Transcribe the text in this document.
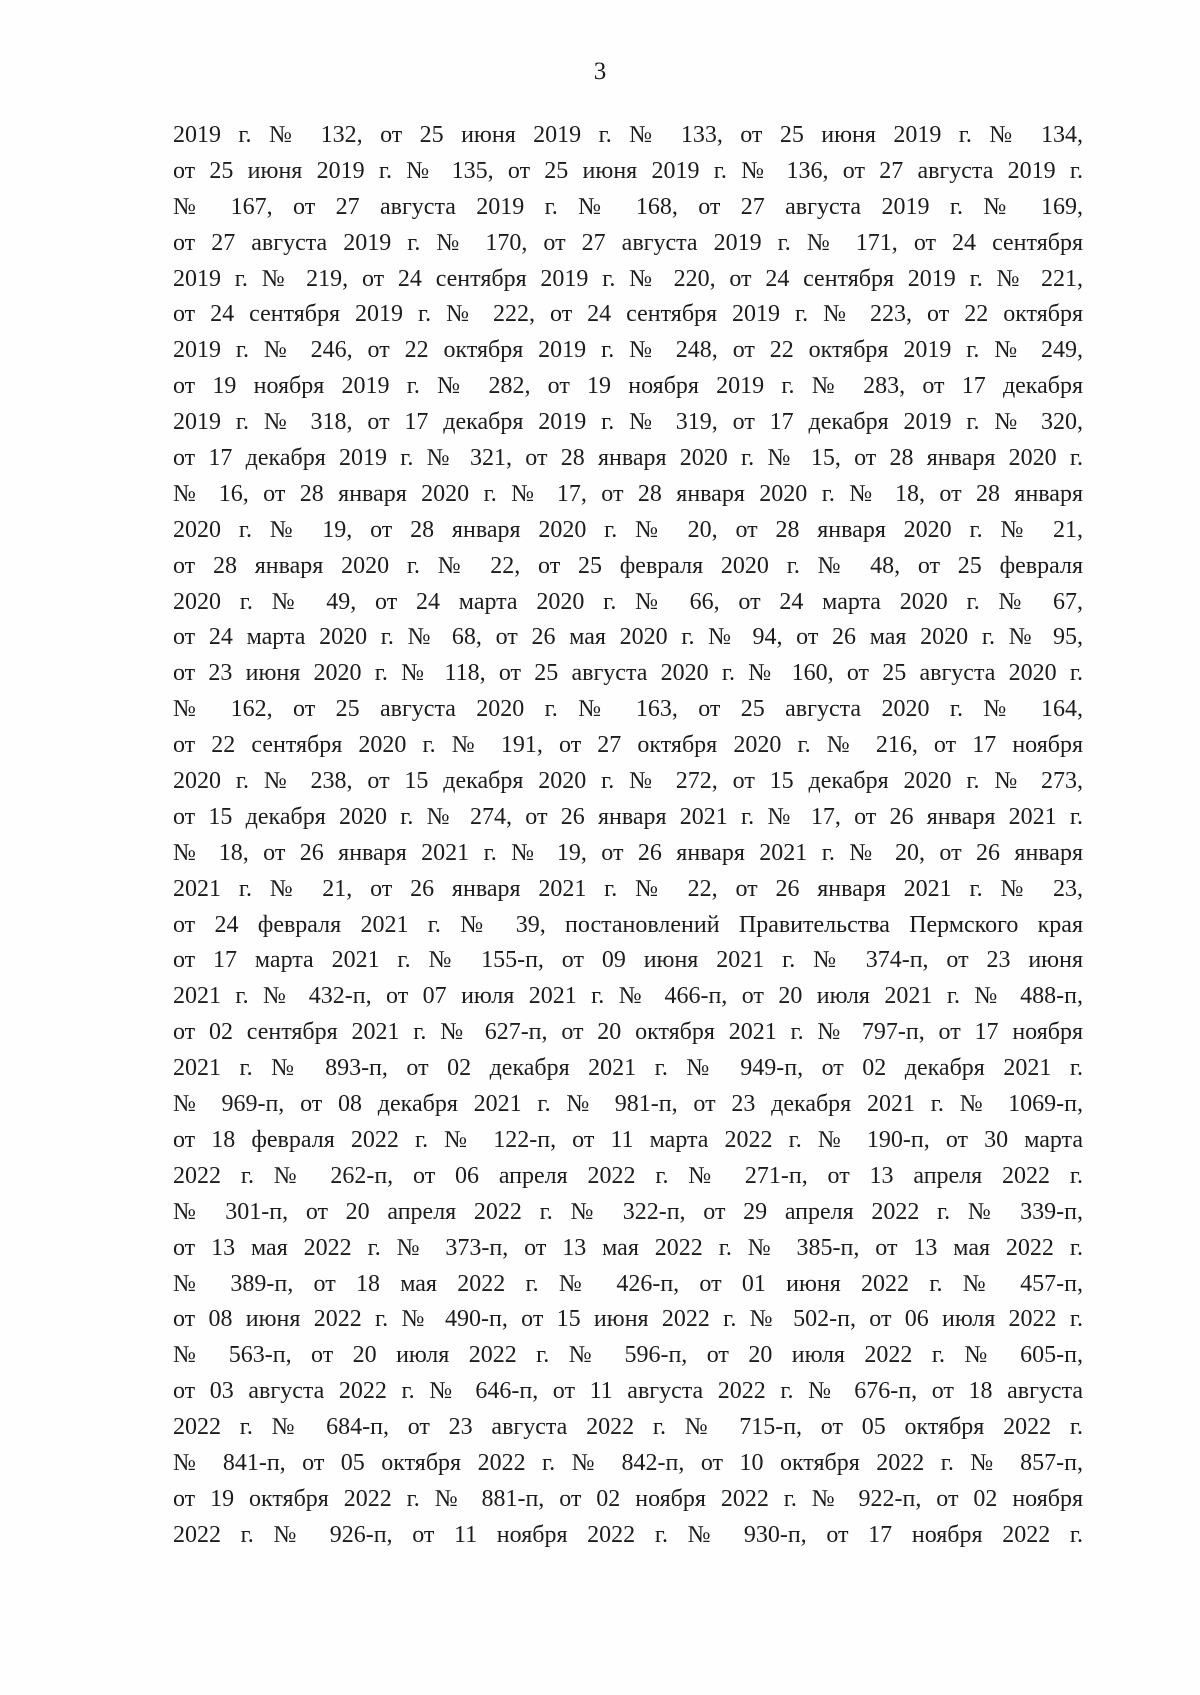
3
2019 г. № 132, от 25 июня 2019 г. № 133, от 25 июня 2019 г. № 134,
от 25 июня 2019 г. № 135, от 25 июня 2019 г. № 136, от 27 августа 2019 г.
№ 167, от 27 августа 2019 г. № 168, от 27 августа 2019 г. № 169,
от 27 августа 2019 г. № 170, от 27 августа 2019 г. № 171, от 24 сентября
2019 г. № 219, от 24 сентября 2019 г. № 220, от 24 сентября 2019 г. № 221,
от 24 сентября 2019 г. № 222, от 24 сентября 2019 г. № 223, от 22 октября
2019 г. № 246, от 22 октября 2019 г. № 248, от 22 октября 2019 г. № 249,
от 19 ноября 2019 г. № 282, от 19 ноября 2019 г. № 283, от 17 декабря
2019 г. № 318, от 17 декабря 2019 г. № 319, от 17 декабря 2019 г. № 320,
от 17 декабря 2019 г. № 321, от 28 января 2020 г. № 15, от 28 января 2020 г.
№ 16, от 28 января 2020 г. № 17, от 28 января 2020 г. № 18, от 28 января
2020 г. № 19, от 28 января 2020 г. № 20, от 28 января 2020 г. № 21,
от 28 января 2020 г. № 22, от 25 февраля 2020 г. № 48, от 25 февраля
2020 г. № 49, от 24 марта 2020 г. № 66, от 24 марта 2020 г. № 67,
от 24 марта 2020 г. № 68, от 26 мая 2020 г. № 94, от 26 мая 2020 г. № 95,
от 23 июня 2020 г. № 118, от 25 августа 2020 г. № 160, от 25 августа 2020 г.
№ 162, от 25 августа 2020 г. № 163, от 25 августа 2020 г. № 164,
от 22 сентября 2020 г. № 191, от 27 октября 2020 г. № 216, от 17 ноября
2020 г. № 238, от 15 декабря 2020 г. № 272, от 15 декабря 2020 г. № 273,
от 15 декабря 2020 г. № 274, от 26 января 2021 г. № 17, от 26 января 2021 г.
№ 18, от 26 января 2021 г. № 19, от 26 января 2021 г. № 20, от 26 января
2021 г. № 21, от 26 января 2021 г. № 22, от 26 января 2021 г. № 23,
от 24 февраля 2021 г. № 39, постановлений Правительства Пермского края
от 17 марта 2021 г. № 155-п, от 09 июня 2021 г. № 374-п, от 23 июня
2021 г. № 432-п, от 07 июля 2021 г. № 466-п, от 20 июля 2021 г. № 488-п,
от 02 сентября 2021 г. № 627-п, от 20 октября 2021 г. № 797-п, от 17 ноября
2021 г. № 893-п, от 02 декабря 2021 г. № 949-п, от 02 декабря 2021 г.
№ 969-п, от 08 декабря 2021 г. № 981-п, от 23 декабря 2021 г. № 1069-п,
от 18 февраля 2022 г. № 122-п, от 11 марта 2022 г. № 190-п, от 30 марта
2022 г. № 262-п, от 06 апреля 2022 г. № 271-п, от 13 апреля 2022 г.
№ 301-п, от 20 апреля 2022 г. № 322-п, от 29 апреля 2022 г. № 339-п,
от 13 мая 2022 г. № 373-п, от 13 мая 2022 г. № 385-п, от 13 мая 2022 г.
№ 389-п, от 18 мая 2022 г. № 426-п, от 01 июня 2022 г. № 457-п,
от 08 июня 2022 г. № 490-п, от 15 июня 2022 г. № 502-п, от 06 июля 2022 г.
№ 563-п, от 20 июля 2022 г. № 596-п, от 20 июля 2022 г. № 605-п,
от 03 августа 2022 г. № 646-п, от 11 августа 2022 г. № 676-п, от 18 августа
2022 г. № 684-п, от 23 августа 2022 г. № 715-п, от 05 октября 2022 г.
№ 841-п, от 05 октября 2022 г. № 842-п, от 10 октября 2022 г. № 857-п,
от 19 октября 2022 г. № 881-п, от 02 ноября 2022 г. № 922-п, от 02 ноября
2022 г. № 926-п, от 11 ноября 2022 г. № 930-п, от 17 ноября 2022 г.
